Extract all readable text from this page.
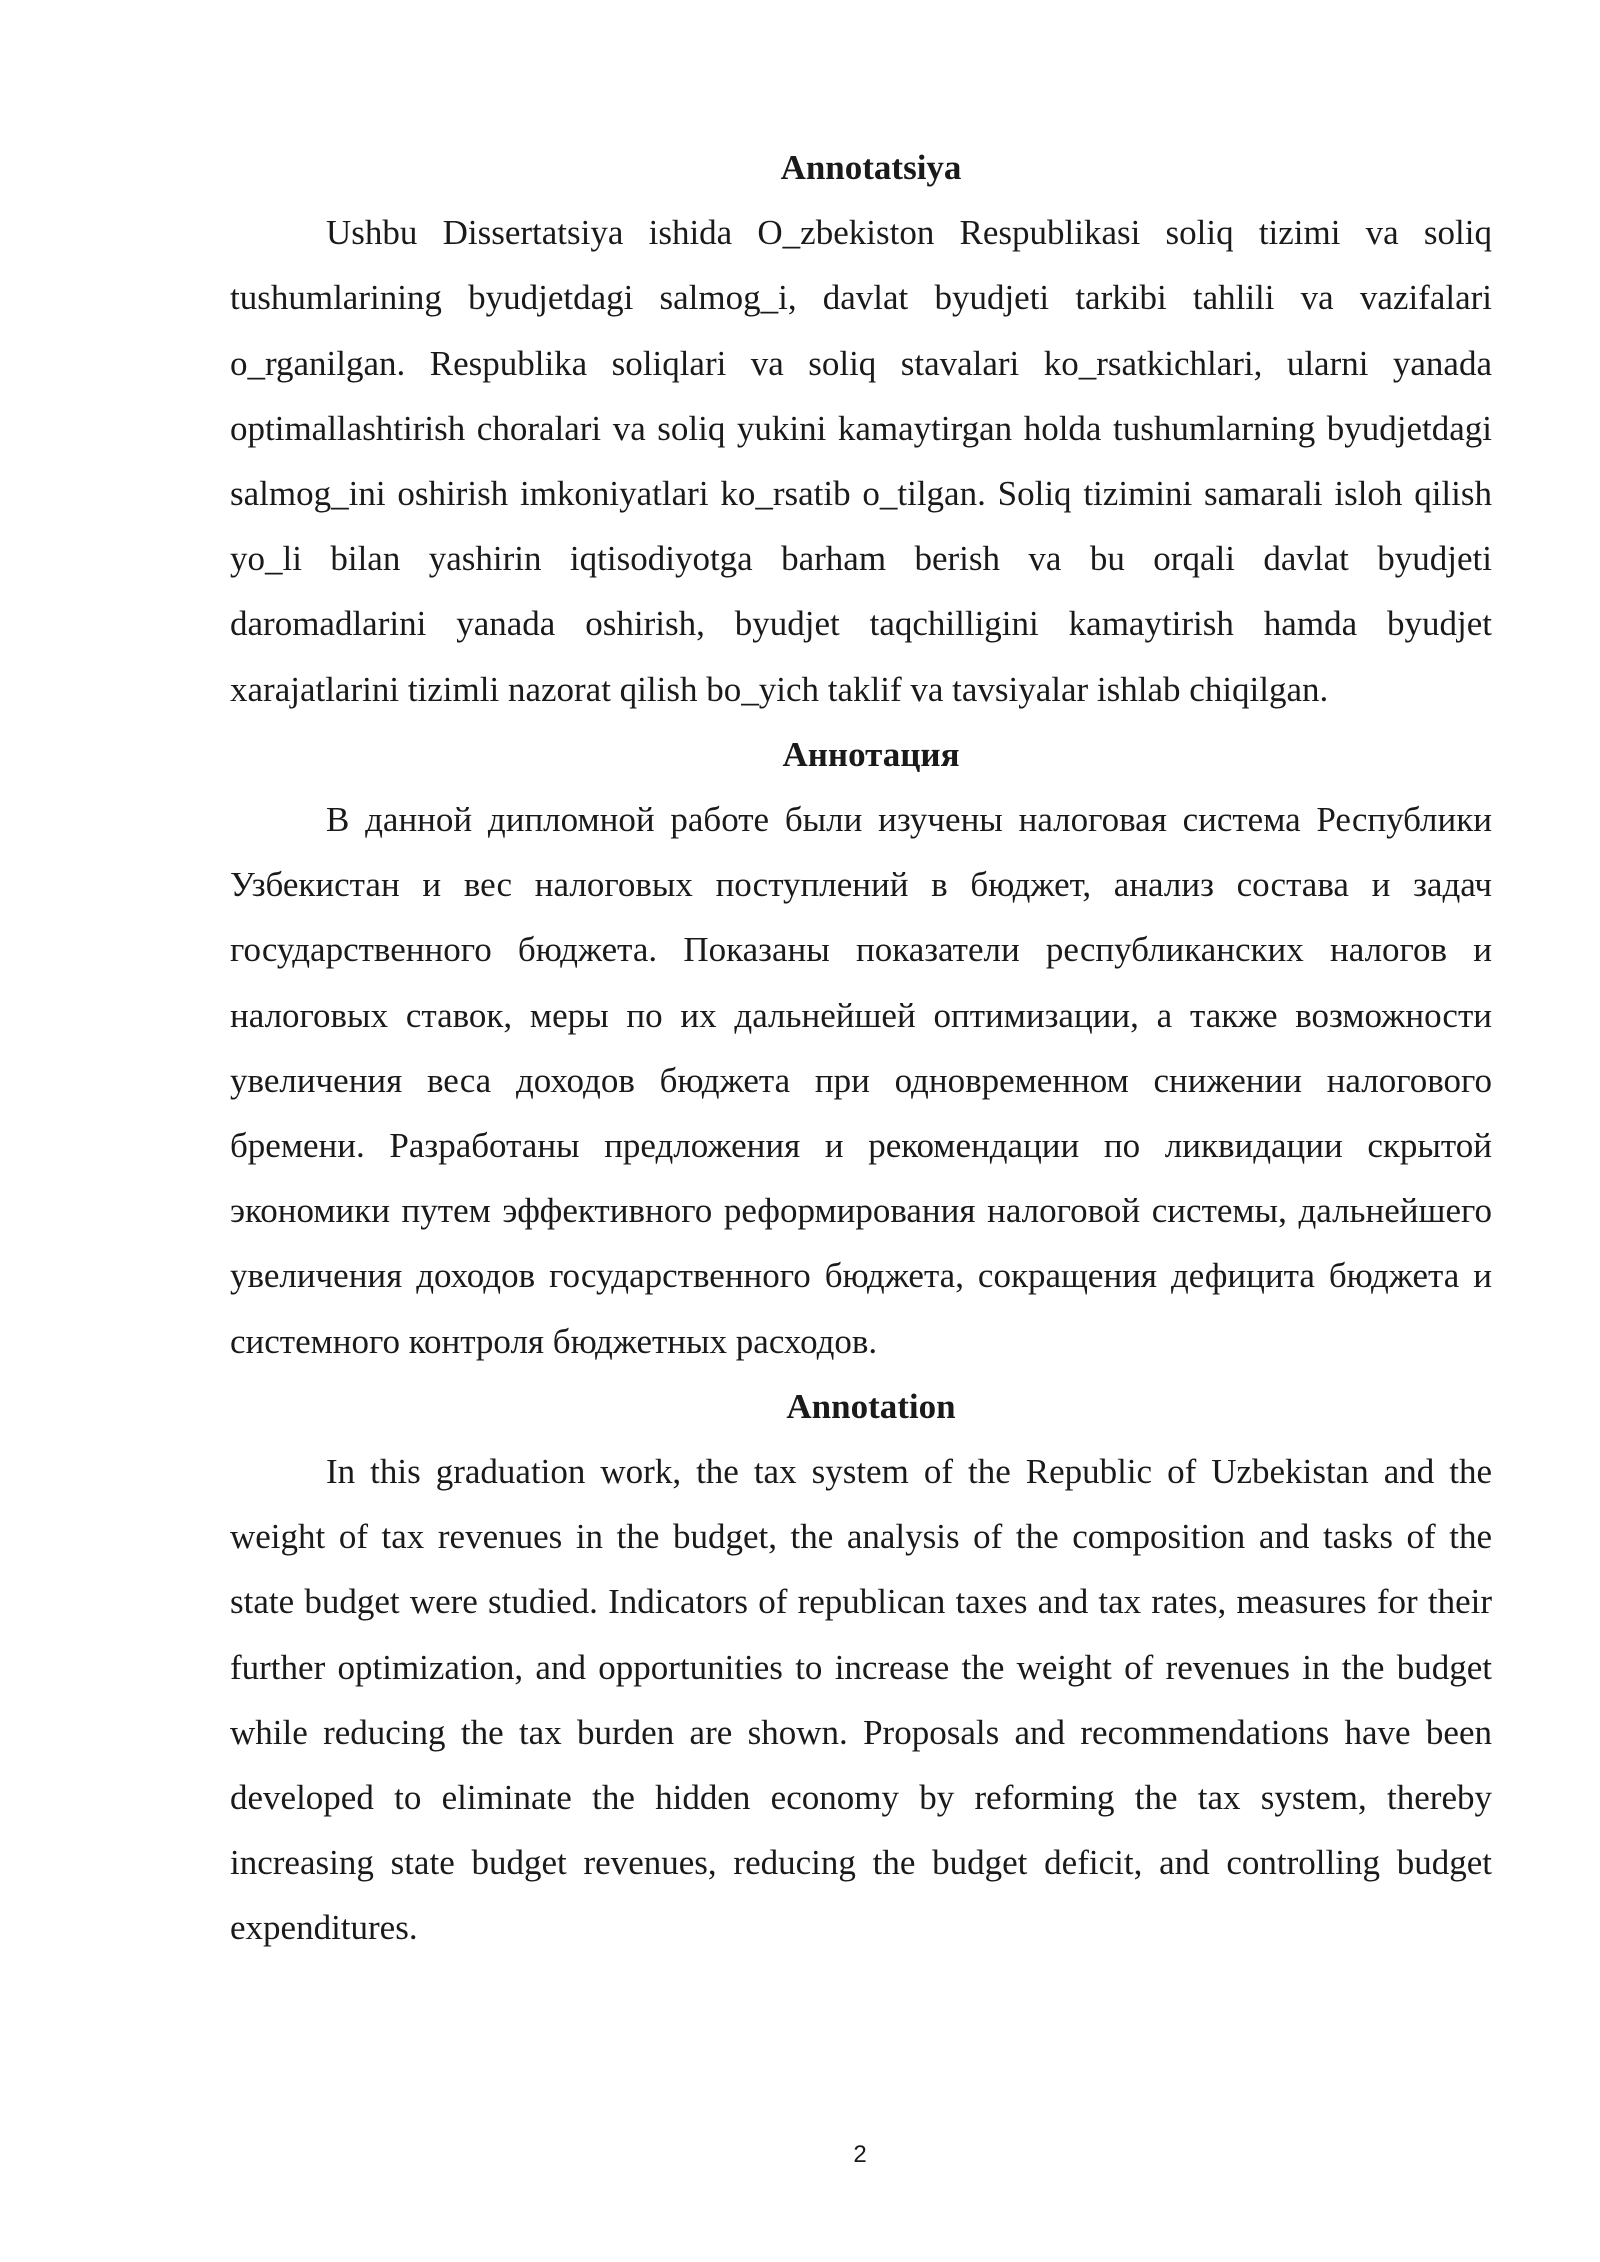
Annotatsiya

Ushbu Dissertatsiya ishida O_zbekiston Respublikasi soliq tizimi va soliq tushumlarining byudjetdagi salmog_i, davlat byudjeti tarkibi tahlili va vazifalari o_rganilgan. Respublika soliqlari va soliq stavalari ko_rsatkichlari, ularni yanada optimallashtirish choralari va soliq yukini kamaytirgan holda tushumlarning byudjetdagi salmog_ini oshirish imkoniyatlari ko_rsatib o_tilgan. Soliq tizimini samarali isloh qilish yo_li bilan yashirin iqtisodiyotga barham berish va bu orqali davlat byudjeti daromadlarini yanada oshirish, byudjet taqchilligini kamaytirish hamda byudjet xarajatlarini tizimli nazorat qilish bo_yich taklif va tavsiyalar ishlab chiqilgan.

Аннотация

В данной дипломной работе были изучены налоговая система Республики Узбекистан и вес налоговых поступлений в бюджет, анализ состава и задач государственного бюджета. Показаны показатели республиканских налогов и налоговых ставок, меры по их дальнейшей оптимизации, а также возможности увеличения веса доходов бюджета при одновременном снижении налогового бремени. Разработаны предложения и рекомендации по ликвидации скрытой экономики путем эффективного реформирования налоговой системы, дальнейшего увеличения доходов государственного бюджета, сокращения дефицита бюджета и системного контроля бюджетных расходов.

Annotation

In this graduation work, the tax system of the Republic of Uzbekistan and the weight of tax revenues in the budget, the analysis of the composition and tasks of the state budget were studied. Indicators of republican taxes and tax rates, measures for their further optimization, and opportunities to increase the weight of revenues in the budget while reducing the tax burden are shown. Proposals and recommendations have been developed to eliminate the hidden economy by reforming the tax system, thereby increasing state budget revenues, reducing the budget deficit, and controlling budget expenditures.

2
